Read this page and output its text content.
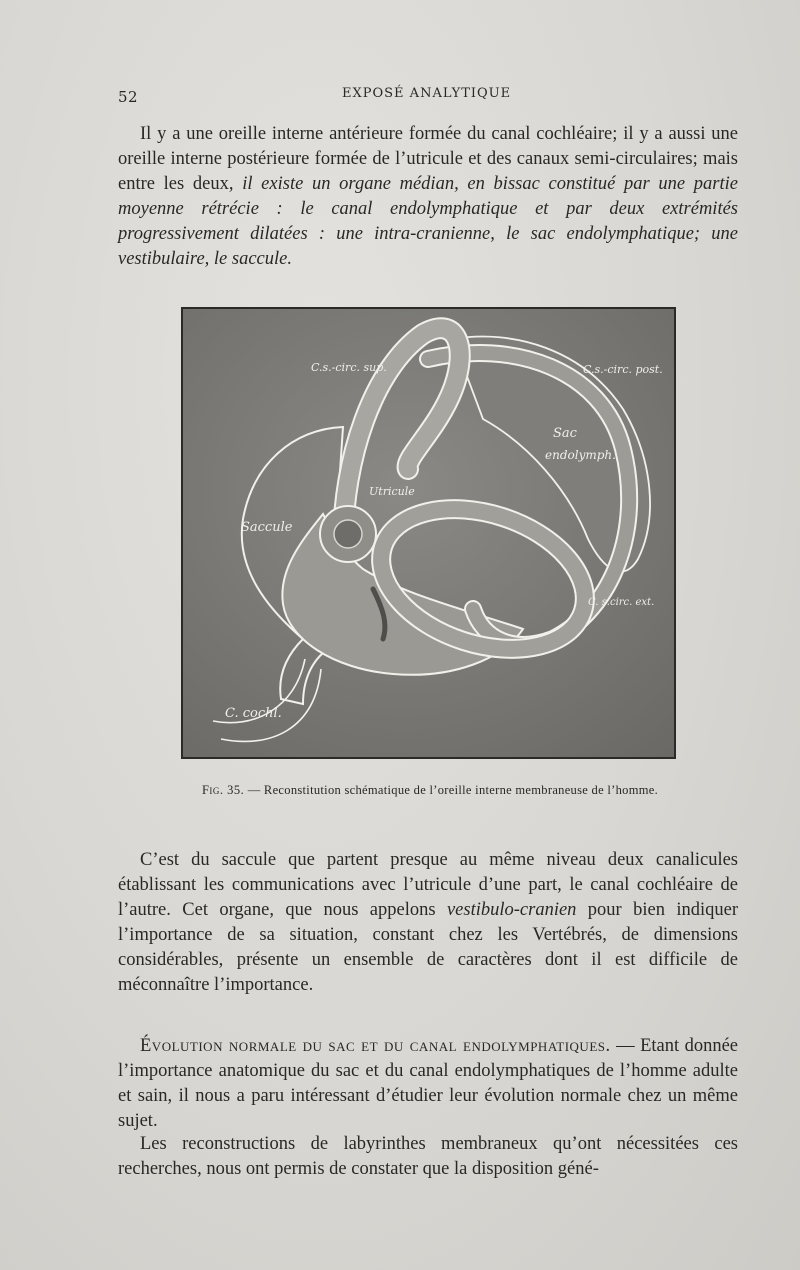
52	EXPOSÉ ANALYTIQUE

Il y a une oreille interne antérieure formée du canal cochléaire; il y a aussi une oreille interne postérieure formée de l’utricule et des canaux semi-circulaires; mais entre les deux, il existe un organe médian, en bissac constitué par une partie moyenne rétrécie : le canal endolymphatique et par deux extrémités progressivement dilatées : une intra-cranienne, le sac endolymphatique; une vestibulaire, le saccule.

C.s.-circ. sup.	C.s.-circ. post.
Sac
endolymph.
Utricule
Saccule
C. s.circ. ext.
C. cochl.
Fig. 35. — Reconstitution schématique de l’oreille interne membraneuse de l’homme.

C’est du saccule que partent presque au même niveau deux canalicules établissant les communications avec l’utricule d’une part, le canal cochléaire de l’autre. Cet organe, que nous appelons vestibulo-cranien pour bien indiquer l’importance de sa situation, constant chez les Vertébrés, de dimensions considérables, présente un ensemble de caractères dont il est difficile de méconnaître l’importance.

Évolution normale du sac et du canal endolymphatiques. — Etant donnée l’importance anatomique du sac et du canal endolymphatiques de l’homme adulte et sain, il nous a paru intéressant d’étudier leur évolution normale chez un même sujet.

Les reconstructions de labyrinthes membraneux qu’ont nécessitées ces recherches, nous ont permis de constater que la disposition géné-
